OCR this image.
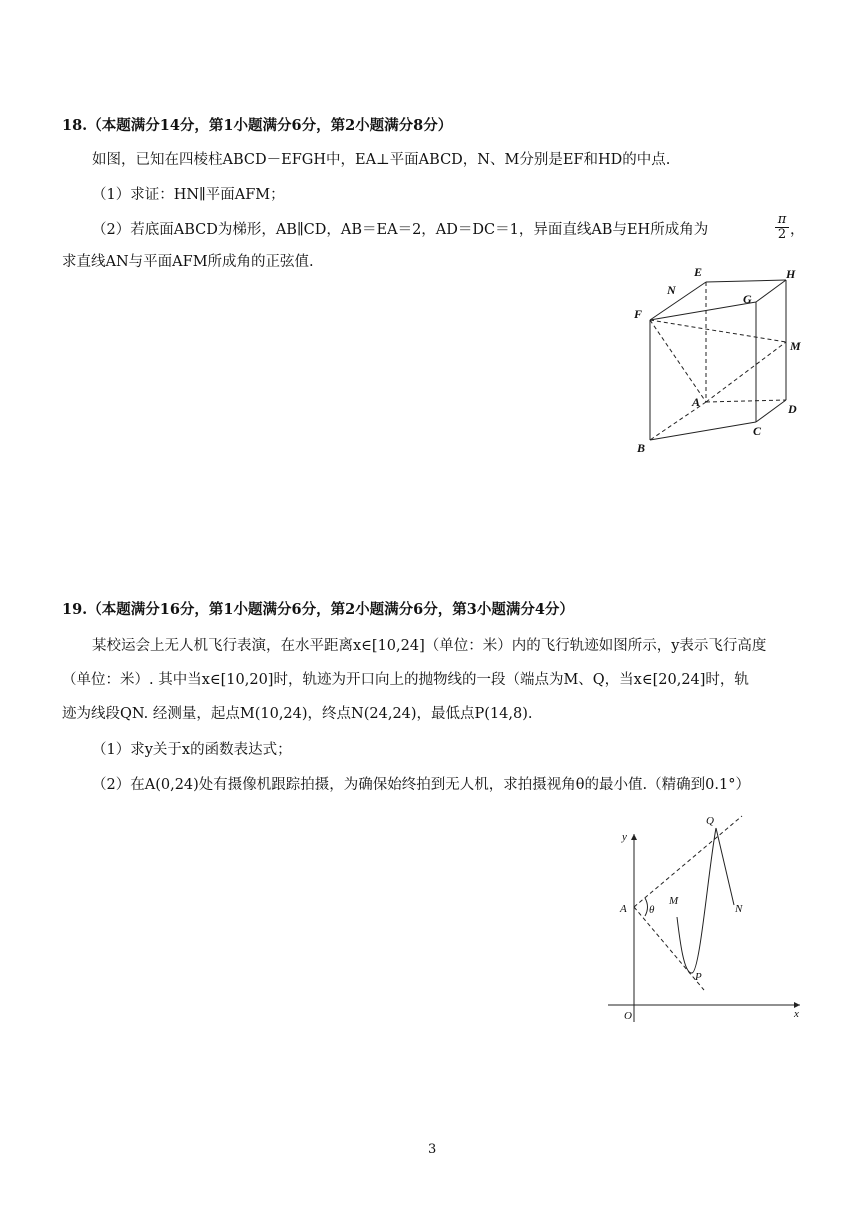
18.（本题满分14分，第1小题满分6分，第2小题满分8分）
如图，已知在四棱柱ABCD－EFGH中，EA⊥平面ABCD，N、M分别是EF和HD的中点.
（1）求证：HN∥平面AFM；
（2）若底面ABCD为梯形，AB∥CD，AB＝EA＝2，AD＝DC＝1，异面直线AB与EH所成角为	$\frac{\pi}{2}$ ，
求直线AN与平面AFM所成角的正弦值.
E	H
N
G
F
M
A	D
C
B
19.（本题满分16分，第1小题满分6分，第2小题满分6分，第3小题满分4分）
某校运会上无人机飞行表演，在水平距离x∈[10,24]（单位：米）内的飞行轨迹如图所示，y表示飞行高度
（单位：米）. 其中当x∈[10,20]时，轨迹为开口向上的抛物线的一段（端点为M、Q，当x∈[20,24]时，轨
迹为线段QN. 经测量，起点M(10,24)，终点N(24,24)，最低点P(14,8).
（1）求y关于x的函数表达式；
（2）在A(0,24)处有摄像机跟踪拍摄，为确保始终拍到无人机，求拍摄视角θ的最小值.（精确到0.1°）
y
x
O
A θ
M
Q
N
P
3
